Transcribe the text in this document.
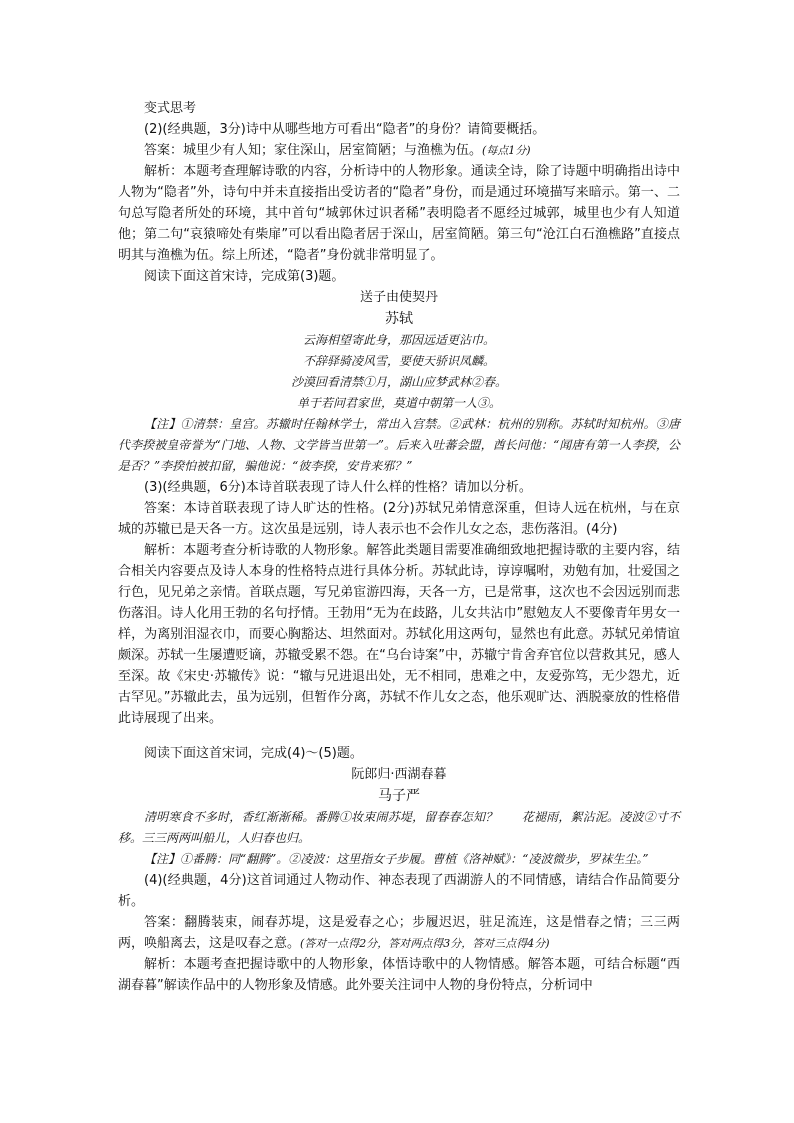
变式思考

(2)(经典题，3分)诗中从哪些地方可看出“隐者”的身份？请简要概括。

答案：城里少有人知；家住深山，居室简陋；与渔樵为伍。(每点1分)

解析：本题考查理解诗歌的内容，分析诗中的人物形象。通读全诗，除了诗题中明确指出诗中人物为“隐者”外，诗句中并未直接指出受访者的“隐者”身份，而是通过环境描写来暗示。第一、二句总写隐者所处的环境，其中首句“城郭休过识者稀”表明隐者不愿经过城郭，城里也少有人知道他；第二句“哀猿啼处有柴扉”可以看出隐者居于深山，居室简陋。第三句“沧江白石渔樵路”直接点明其与渔樵为伍。综上所述，“隐者”身份就非常明显了。

阅读下面这首宋诗，完成第(3)题。

送子由使契丹

苏轼

云海相望寄此身，那因远适更沾巾。

不辞驿骑凌风雪，要使天骄识凤麟。

沙漠回看清禁①月，湖山应梦武林②春。

单于若问君家世，莫道中朝第一人③。

【注】①清禁：皇宫。苏辙时任翰林学士，常出入宫禁。②武林：杭州的别称。苏轼时知杭州。③唐代李揆被皇帝誉为“门地、人物、文学皆当世第一”。后来入吐蕃会盟，酋长问他：“闻唐有第一人李揆，公是否？”李揆怕被扣留，骗他说：“彼李揆，安肯来邪？”

(3)(经典题，6分)本诗首联表现了诗人什么样的性格？请加以分析。

答案：本诗首联表现了诗人旷达的性格。(2分)苏轼兄弟情意深重，但诗人远在杭州，与在京城的苏辙已是天各一方。这次虽是远别，诗人表示也不会作儿女之态，悲伤落泪。(4分)

解析：本题考查分析诗歌的人物形象。解答此类题目需要准确细致地把握诗歌的主要内容，结合相关内容要点及诗人本身的性格特点进行具体分析。苏轼此诗，谆谆嘱咐，劝勉有加，壮爱国之行色，见兄弟之亲情。首联点题，写兄弟宦游四海，天各一方，已是常事，这次也不会因远别而悲伤落泪。诗人化用王勃的名句抒情。王勃用“无为在歧路，儿女共沾巾”慰勉友人不要像青年男女一样，为离别泪湿衣巾，而要心胸豁达、坦然面对。苏轼化用这两句，显然也有此意。苏轼兄弟情谊颇深。苏轼一生屡遭贬谪，苏辙受累不怨。在“乌台诗案”中，苏辙宁肯舍弃官位以营救其兄，感人至深。故《宋史·苏辙传》说：“辙与兄进退出处，无不相同，患难之中，友爱弥笃，无少怨尤，近古罕见。”苏辙此去，虽为远别，但暂作分离，苏轼不作儿女之态，他乐观旷达、洒脱豪放的性格借此诗展现了出来。

阅读下面这首宋词，完成(4)～(5)题。

阮郎归·西湖春暮

马子严

清明寒食不多时，香红渐渐稀。番腾①妆束闹苏堤，留春春怎知？　　花褪雨，絮沾泥。凌波②寸不移。三三两两叫船儿，人归春也归。

【注】①番腾：同“翻腾”。②凌波：这里指女子步履。曹植《洛神赋》：“凌波微步，罗袜生尘。”

(4)(经典题，4分)这首词通过人物动作、神态表现了西湖游人的不同情感，请结合作品简要分析。

答案：翻腾装束，闹春苏堤，这是爱春之心；步履迟迟，驻足流连，这是惜春之情；三三两两，唤船离去，这是叹春之意。(答对一点得2分，答对两点得3分，答对三点得4分)

解析：本题考查把握诗歌中的人物形象，体悟诗歌中的人物情感。解答本题，可结合标题“西湖春暮”解读作品中的人物形象及情感。此外要关注词中人物的身份特点，分析词中
